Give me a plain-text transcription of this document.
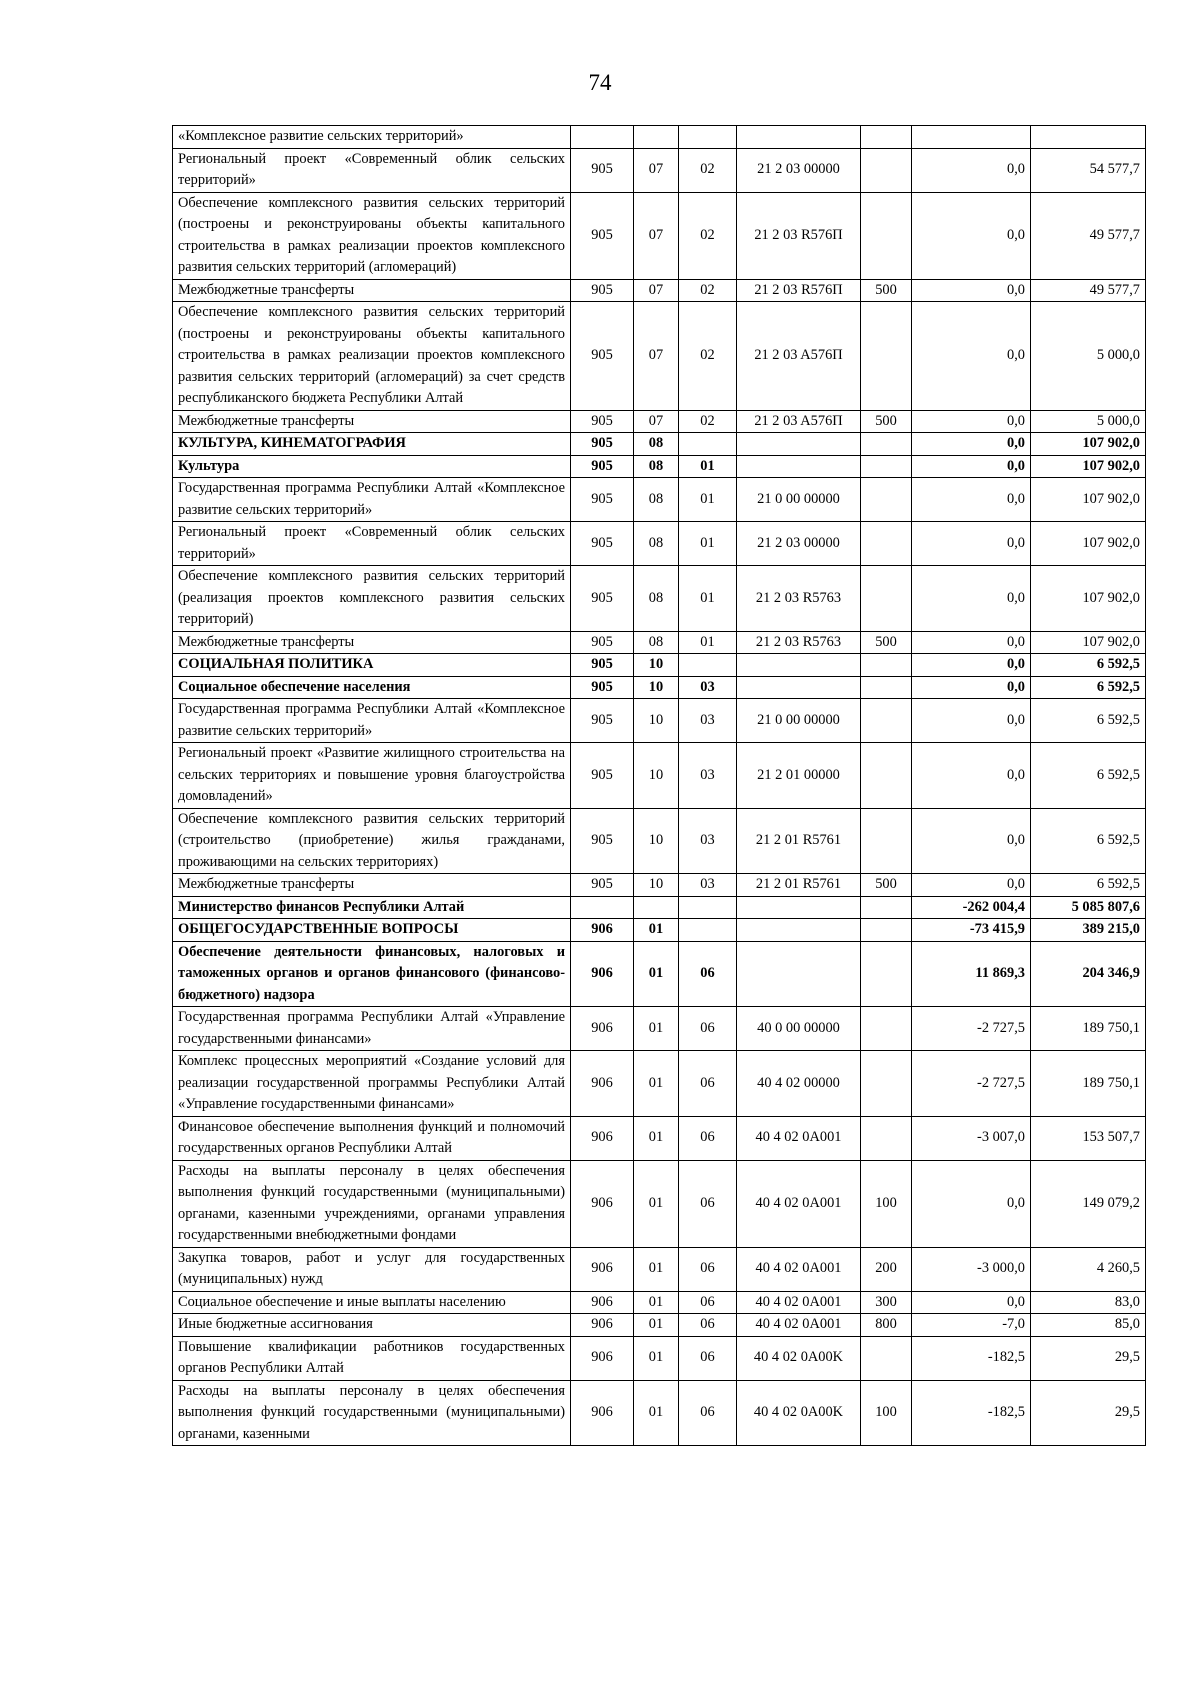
74
«Комплексное развитие сельских территорий»							
Региональный проект «Современный облик сельских территорий»	905	07	02	21 2 03 00000		0,0	54 577,7
Обеспечение комплексного развития сельских территорий (построены и реконструированы объекты капитального строительства в рамках реализации проектов комплексного развития сельских территорий (агломераций)	905	07	02	21 2 03 R576П		0,0	49 577,7
Межбюджетные трансферты	905	07	02	21 2 03 R576П	500	0,0	49 577,7
Обеспечение комплексного развития сельских территорий (построены и реконструированы объекты капитального строительства в рамках реализации проектов комплексного развития сельских территорий (агломераций) за счет средств республиканского бюджета Республики Алтай	905	07	02	21 2 03 A576П		0,0	5 000,0
Межбюджетные трансферты	905	07	02	21 2 03 A576П	500	0,0	5 000,0
КУЛЬТУРА, КИНЕМАТОГРАФИЯ	905	08				0,0	107 902,0
Культура	905	08	01			0,0	107 902,0
Государственная программа Республики Алтай «Комплексное развитие сельских территорий»	905	08	01	21 0 00 00000		0,0	107 902,0
Региональный проект «Современный облик сельских территорий»	905	08	01	21 2 03 00000		0,0	107 902,0
Обеспечение комплексного развития сельских территорий (реализация проектов комплексного развития сельских территорий)	905	08	01	21 2 03 R5763		0,0	107 902,0
Межбюджетные трансферты	905	08	01	21 2 03 R5763	500	0,0	107 902,0
СОЦИАЛЬНАЯ ПОЛИТИКА	905	10				0,0	6 592,5
Социальное обеспечение населения	905	10	03			0,0	6 592,5
Государственная программа Республики Алтай «Комплексное развитие сельских территорий»	905	10	03	21 0 00 00000		0,0	6 592,5
Региональный проект «Развитие жилищного строительства на сельских территориях и повышение уровня благоустройства домовладений»	905	10	03	21 2 01 00000		0,0	6 592,5
Обеспечение комплексного развития сельских территорий (строительство (приобретение) жилья гражданами, проживающими на сельских территориях)	905	10	03	21 2 01 R5761		0,0	6 592,5
Межбюджетные трансферты	905	10	03	21 2 01 R5761	500	0,0	6 592,5
Министерство финансов Республики Алтай						-262 004,4	5 085 807,6
ОБЩЕГОСУДАРСТВЕННЫЕ ВОПРОСЫ	906	01				-73 415,9	389 215,0
Обеспечение деятельности финансовых, налоговых и таможенных органов и органов финансового (финансово-бюджетного) надзора	906	01	06			11 869,3	204 346,9
Государственная программа Республики Алтай «Управление государственными финансами»	906	01	06	40 0 00 00000		-2 727,5	189 750,1
Комплекс процессных мероприятий «Создание условий для реализации государственной программы Республики Алтай «Управление государственными финансами»	906	01	06	40 4 02 00000		-2 727,5	189 750,1
Финансовое обеспечение выполнения функций и полномочий государственных органов Республики Алтай	906	01	06	40 4 02 0A001		-3 007,0	153 507,7
Расходы на выплаты персоналу в целях обеспечения выполнения функций государственными (муниципальными) органами, казенными учреждениями, органами управления государственными внебюджетными фондами	906	01	06	40 4 02 0A001	100	0,0	149 079,2
Закупка товаров, работ и услуг для государственных (муниципальных) нужд	906	01	06	40 4 02 0A001	200	-3 000,0	4 260,5
Социальное обеспечение и иные выплаты населению	906	01	06	40 4 02 0A001	300	0,0	83,0
Иные бюджетные ассигнования	906	01	06	40 4 02 0A001	800	-7,0	85,0
Повышение квалификации работников государственных органов Республики Алтай	906	01	06	40 4 02 0A00K		-182,5	29,5
Расходы на выплаты персоналу в целях обеспечения выполнения функций государственными (муниципальными) органами, казенными	906	01	06	40 4 02 0A00K	100	-182,5	29,5
